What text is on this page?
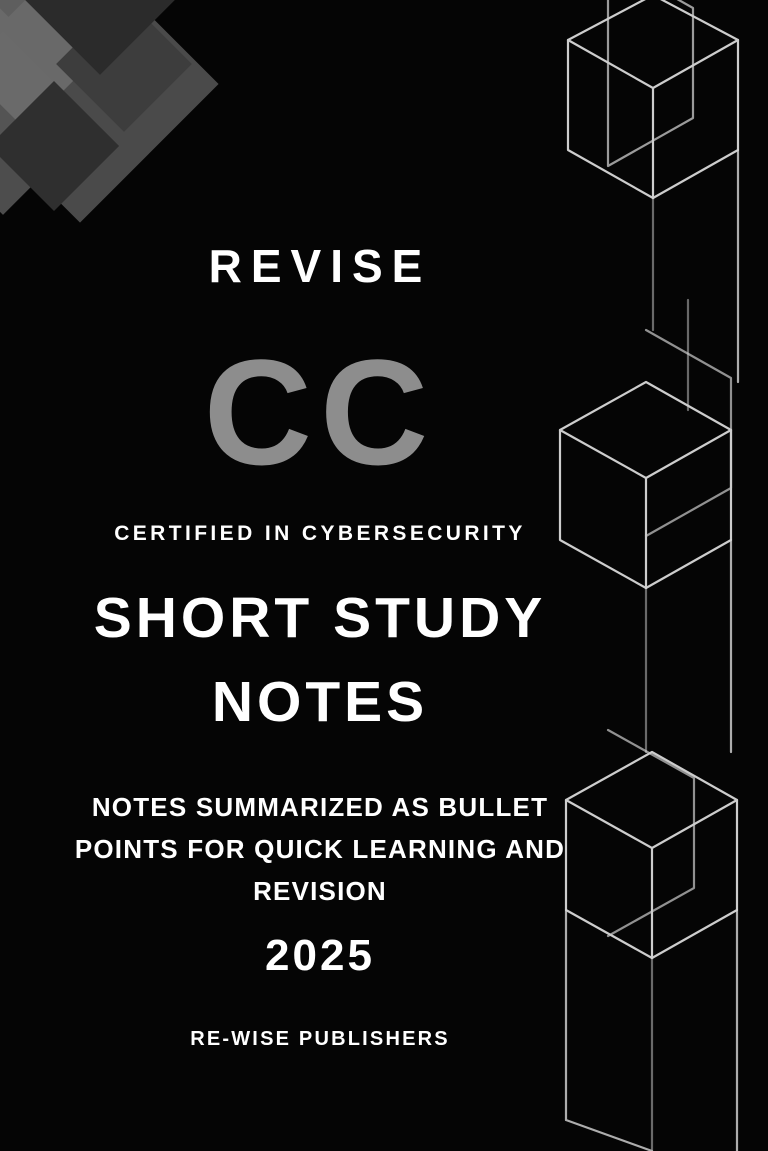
REVISE
CC
CERTIFIED IN CYBERSECURITY
SHORT STUDY
NOTES
NOTES SUMMARIZED AS BULLET POINTS FOR QUICK LEARNING AND REVISION
2025
RE-WISE PUBLISHERS
